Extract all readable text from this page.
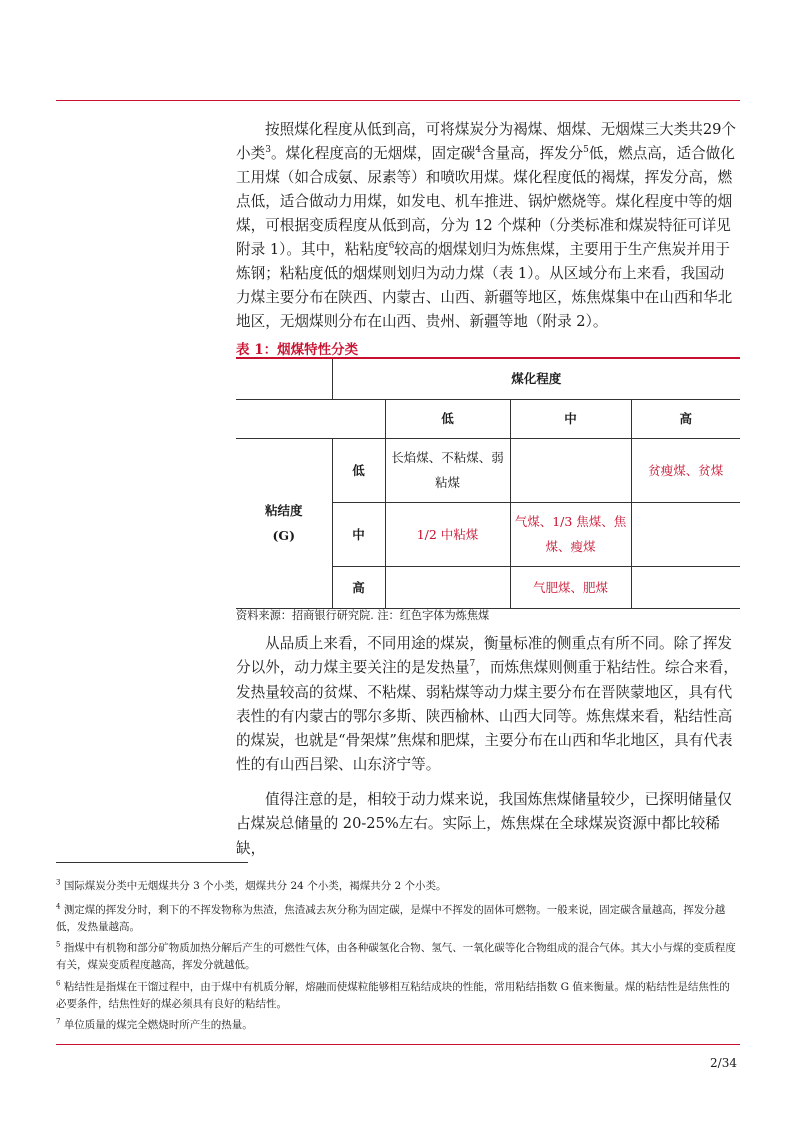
按照煤化程度从低到高，可将煤炭分为褐煤、烟煤、无烟煤三大类共29个

小类$^3$。煤化程度高的无烟煤，固定碳$^4$含量高，挥发分$^5$低，燃点高，适合做化

工用煤（如合成氨、尿素等）和喷吹用煤。煤化程度低的褐煤，挥发分高，燃

点低，适合做动力用煤，如发电、机车推进、锅炉燃烧等。煤化程度中等的烟

煤，可根据变质程度从低到高，分为 12 个煤种（分类标准和煤炭特征可详见

附录 1）。其中，粘粘度$^6$较高的烟煤划归为炼焦煤，主要用于生产焦炭并用于

炼钢；粘粘度低的烟煤则划归为动力煤（表 1）。从区域分布上来看，我国动

力煤主要分布在陕西、内蒙古、山西、新疆等地区，炼焦煤集中在山西和华北

地区，无烟煤则分布在山西、贵州、新疆等地（附录 2）。

表 1：烟煤特性分类

	煤化程度			
		低	中	高
粘结度
(G)	低	长焰煤、不粘煤、弱粘煤		贫瘦煤、贫煤
	中	1/2 中粘煤	气煤、1/3 焦煤、焦煤、瘦煤	
	高		气肥煤、肥煤	

资料来源：招商银行研究院. 注：红色字体为炼焦煤

从品质上来看，不同用途的煤炭，衡量标准的侧重点有所不同。除了挥发分以外，动力煤主要关注的是发热量$^7$，而炼焦煤则侧重于粘结性。综合来看，发热量较高的贫煤、不粘煤、弱粘煤等动力煤主要分布在晋陕蒙地区，具有代表性的有内蒙古的鄂尔多斯、陕西榆林、山西大同等。炼焦煤来看，粘结性高的煤炭，也就是“骨架煤”焦煤和肥煤，主要分布在山西和华北地区，具有代表性的有山西吕梁、山东济宁等。

值得注意的是，相较于动力煤来说，我国炼焦煤储量较少，已探明储量仅占煤炭总储量的 20-25%左右。实际上，炼焦煤在全球煤炭资源中都比较稀缺，

$^3$ 国际煤炭分类中无烟煤共分 3 个小类，烟煤共分 24 个小类，褐煤共分 2 个小类。

$^4$ 测定煤的挥发分时，剩下的不挥发物称为焦渣，焦渣减去灰分称为固定碳，是煤中不挥发的固体可燃物。一般来说，固定碳含量越高，挥发分越低，发热量越高。

$^5$ 指煤中有机物和部分矿物质加热分解后产生的可燃性气体，由各种碳氢化合物、氢气、一氧化碳等化合物组成的混合气体。其大小与煤的变质程度有关，煤炭变质程度越高，挥发分就越低。

$^6$ 粘结性是指煤在干馏过程中，由于煤中有机质分解，熔融而使煤粒能够相互粘结成块的性能，常用粘结指数 G 值来衡量。煤的粘结性是结焦性的必要条件，结焦性好的煤必须具有良好的粘结性。

$^7$ 单位质量的煤完全燃烧时所产生的热量。

2/34
